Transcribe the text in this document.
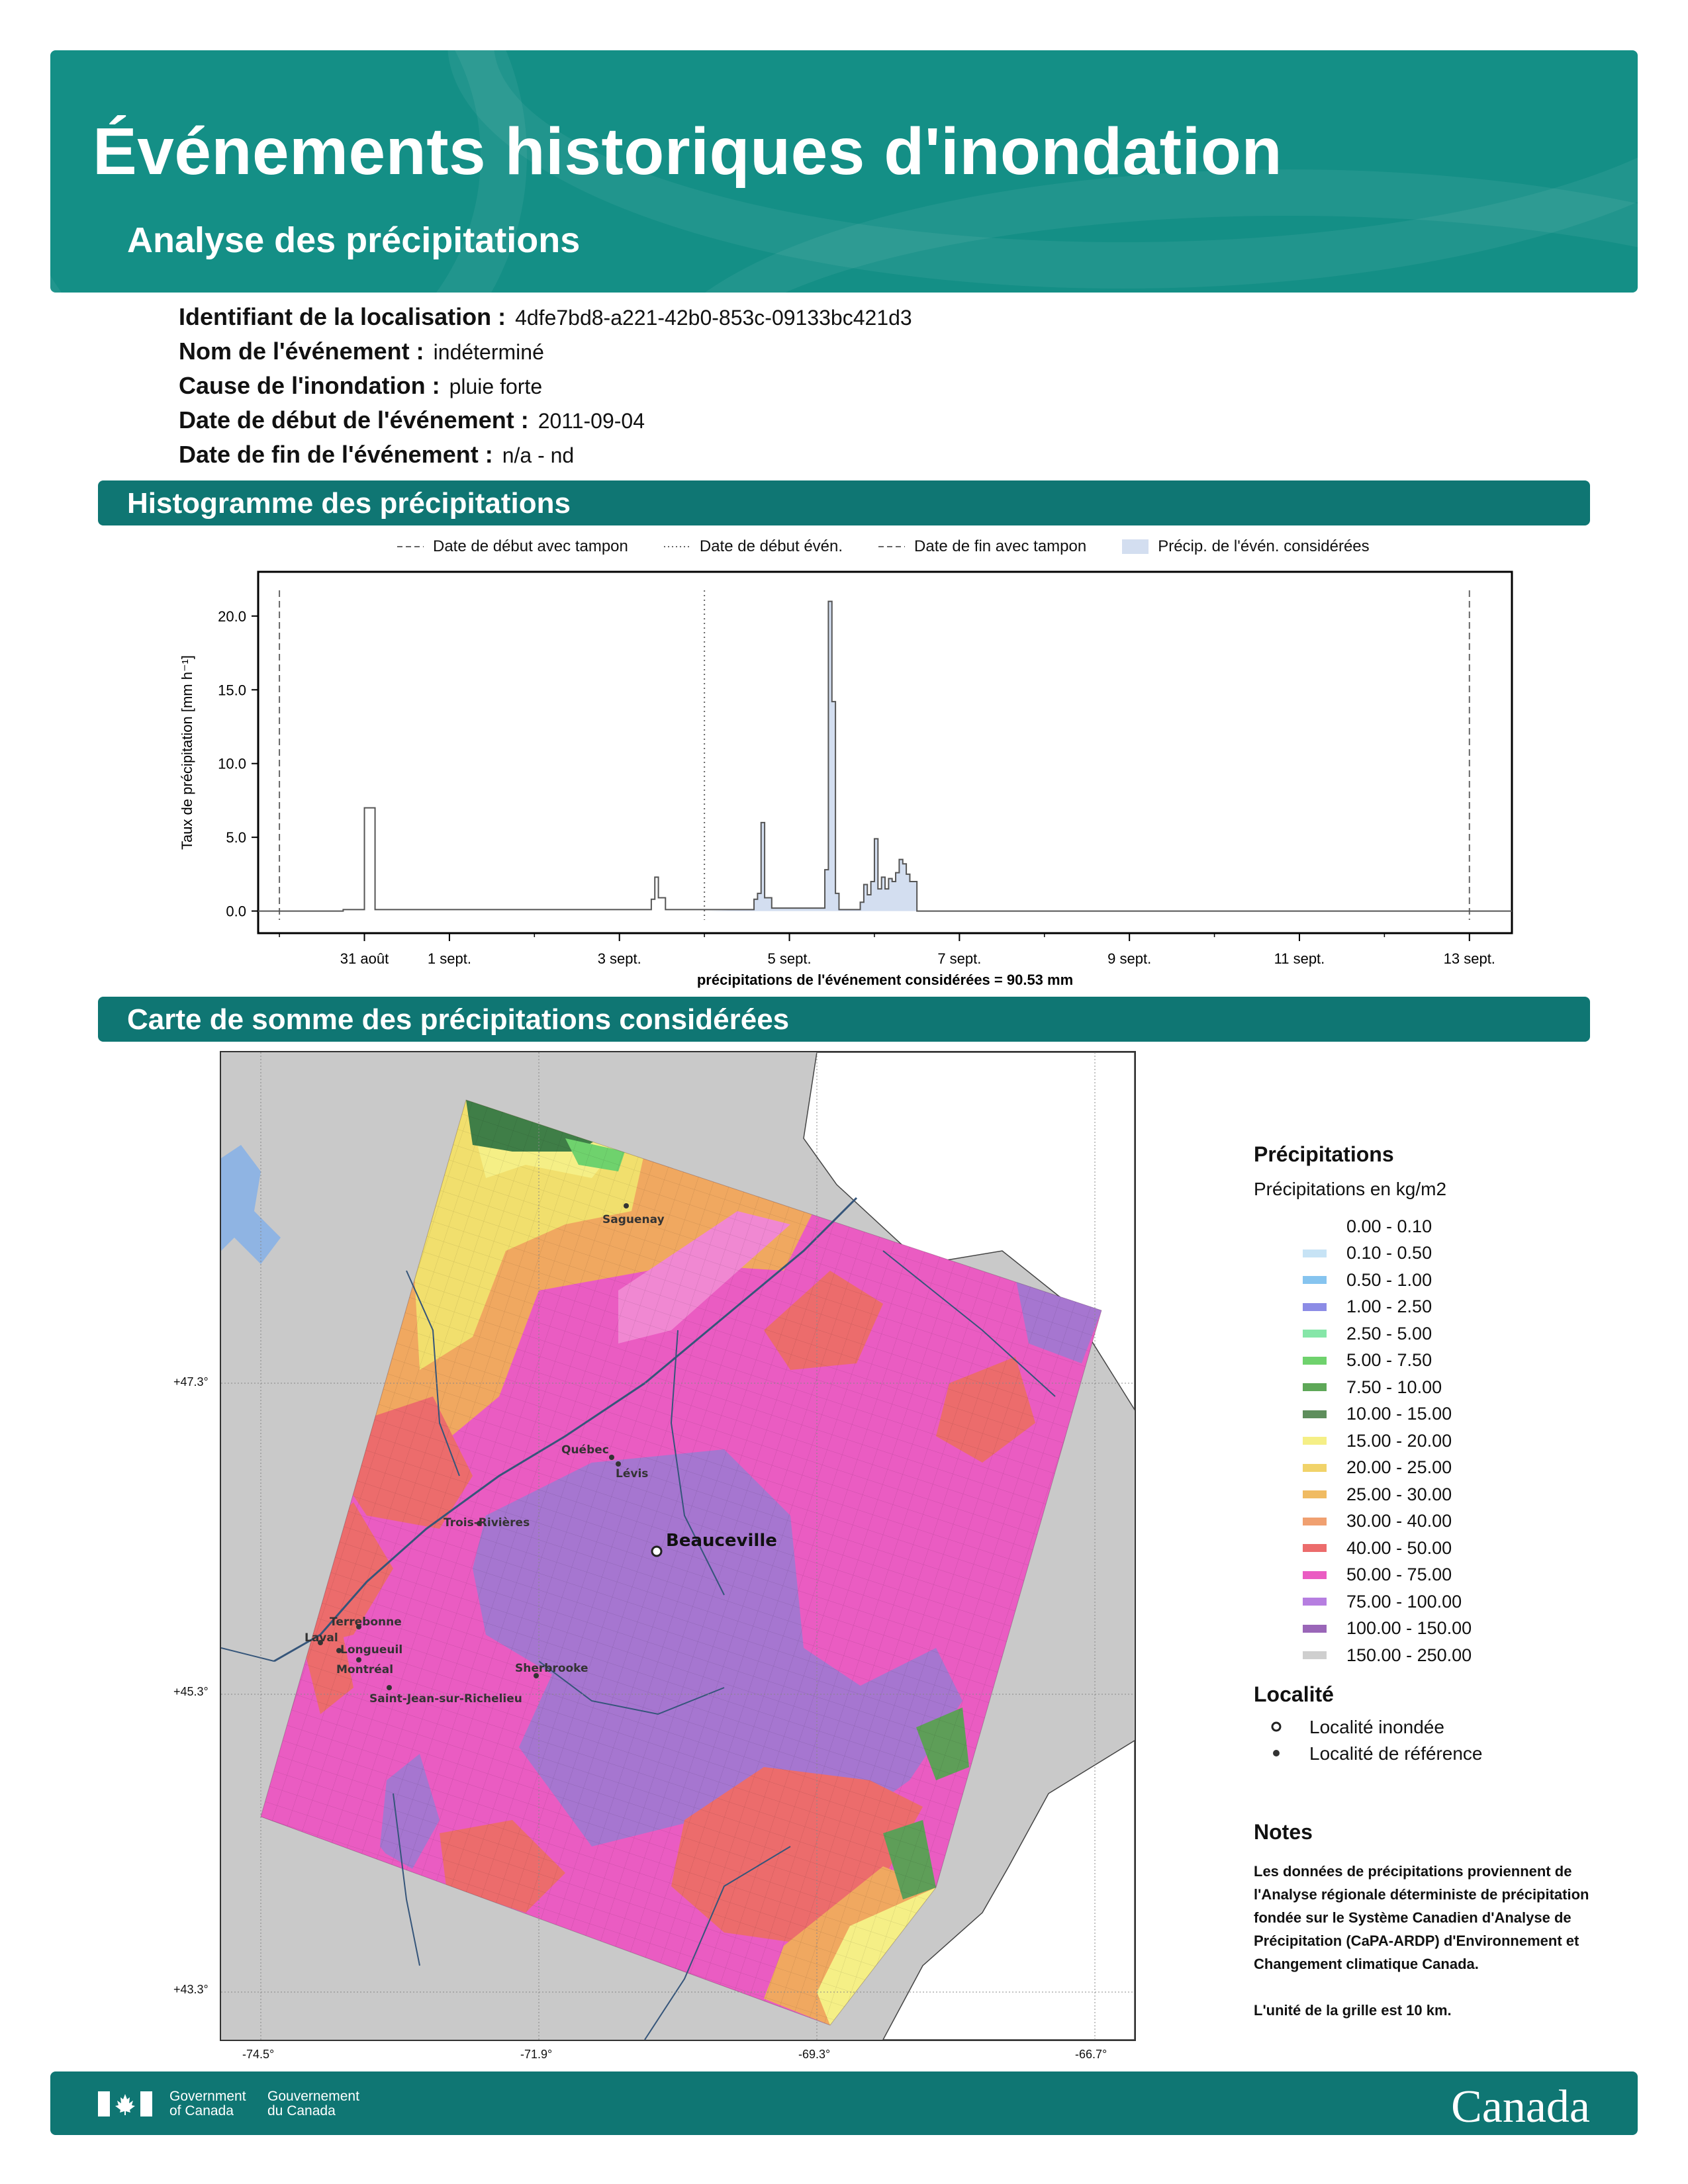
Événements historiques d'inondation
Analyse des précipitations
Identifiant de la localisation : 4dfe7bd8-a221-42b0-853c-09133bc421d3
Nom de l'événement : indéterminé
Cause de l'inondation : pluie forte
Date de début de l'événement : 2011-09-04
Date de fin de l'événement : n/a - nd
Histogramme des précipitations
Date de début avec tampon	Date de début évén.	Date de fin avec tampon	Précip. de l'évén. considérées
0.0
5.0
10.0
15.0
20.0
31 août	1 sept.	3 sept.	5 sept.	7 sept.	9 sept.	11 sept.	13 sept.
Taux de précipitation [mm h⁻¹]
précipitations de l'événement considérées = 90.53 mm
Carte de somme des précipitations considérées
Saguenay
Québec
Lévis
Trois-Rivières
Terrebonne
Laval
Longueuil
Montréal	Sherbrooke
Saint-Jean-sur-Richelieu
Beauceville
+47.3°
+45.3°
+43.3°
-74.5°	-71.9°	-69.3°	-66.7°
Précipitations
Précipitations en kg/m2
0.00 - 0.10
0.10 - 0.50
0.50 - 1.00
1.00 - 2.50
2.50 - 5.00
5.00 - 7.50
7.50 - 10.00
10.00 - 15.00
15.00 - 20.00
20.00 - 25.00
25.00 - 30.00
30.00 - 40.00
40.00 - 50.00
50.00 - 75.00
75.00 - 100.00
100.00 - 150.00
150.00 - 250.00
Localité
Localité inondée
Localité de référence
Notes

Les données de précipitations proviennent de l'Analyse régionale déterministe de précipitation fondée sur le Système Canadien d'Analyse de Précipitation (CaPA-ARDP) d'Environnement et Changement climatique Canada.

L'unité de la grille est 10 km.

Government
of Canada
Gouvernement
du Canada	Canada
